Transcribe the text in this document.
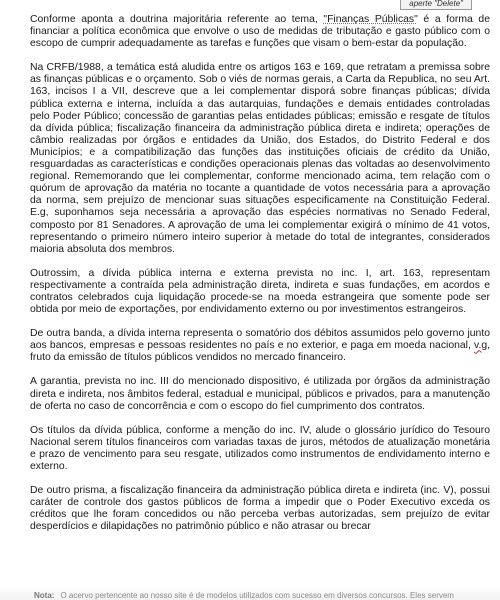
aperte "Delete"

Conforme aponta a doutrina majoritária referente ao tema, "Finanças Públicas" é a forma de financiar a política econômica que envolve o uso de medidas de tributação e gasto público com o escopo de cumprir adequadamente as tarefas e funções que visam o bem-estar da população.

Na CRFB/1988, a temática está aludida entre os artigos 163 e 169, que retratam a premissa sobre as finanças públicas e o orçamento. Sob o viés de normas gerais, a Carta da Republica, no seu Art. 163, incisos I a VII, descreve que a lei complementar disporá sobre finanças públicas; dívida pública externa e interna, incluída a das autarquias, fundações e demais entidades controladas pelo Poder Público; concessão de garantias pelas entidades públicas; emissão e resgate de títulos da dívida pública; fiscalização financeira da administração pública direta e indireta; operações de câmbio realizadas por órgãos e entidades da União, dos Estados, do Distrito Federal e dos Municípios; e a compatibilização das funções das instituições oficiais de crédito da União, resguardadas as características e condições operacionais plenas das voltadas ao desenvolvimento regional. Rememorando que lei complementar, conforme mencionado acima, tem relação com o quórum de aprovação da matéria no tocante a quantidade de votos necessária para a aprovação da norma, sem prejuízo de mencionar suas situações especificamente na Constituição Federal. E.g, suponhamos seja necessária a aprovação das espécies normativas no Senado Federal, composto por 81 Senadores. A aprovação de uma lei complementar exigirá o mínimo de 41 votos, representando o primeiro número inteiro superior à metade do total de integrantes, considerados maioria absoluta dos membros.

Outrossim, a dívida pública interna e externa prevista no inc. I, art. 163, representam respectivamente a contraída pela administração direta, indireta e suas fundações, em acordos e contratos celebrados cuja liquidação procede-se na moeda estrangeira que somente pode ser obtida por meio de exportações, por endividamento externo ou por investimentos estrangeiros.

De outra banda, a dívida interna representa o somatório dos débitos assumidos pelo governo junto aos bancos, empresas e pessoas residentes no país e no exterior, e paga em moeda nacional, v.g, fruto da emissão de títulos públicos vendidos no mercado financeiro.

A garantia, prevista no inc. III do mencionado dispositivo, é utilizada por órgãos da administração direta e indireta, nos âmbitos federal, estadual e municipal, públicos e privados, para a manutenção de oferta no caso de concorrência e com o escopo do fiel cumprimento dos contratos.

Os títulos da dívida pública, conforme a menção do inc. IV, alude o glossário jurídico do Tesouro Nacional serem títulos financeiros com variadas taxas de juros, métodos de atualização monetária e prazo de vencimento para seu resgate, utilizados como instrumentos de endividamento interno e externo.

De outro prisma, a fiscalização financeira da administração pública direta e indireta (inc. V), possui caráter de controle dos gastos públicos de forma a impedir que o Poder Executivo exceda os créditos que lhe foram concedidos ou não perceba verbas autorizadas, sem prejuízo de evitar desperdícios e dilapidações no patrimônio público e não atrasar ou brecar

Nota: O acervo pertencente ao nosso site é de modelos utilizados com sucesso em diversos concursos. Eles servem
